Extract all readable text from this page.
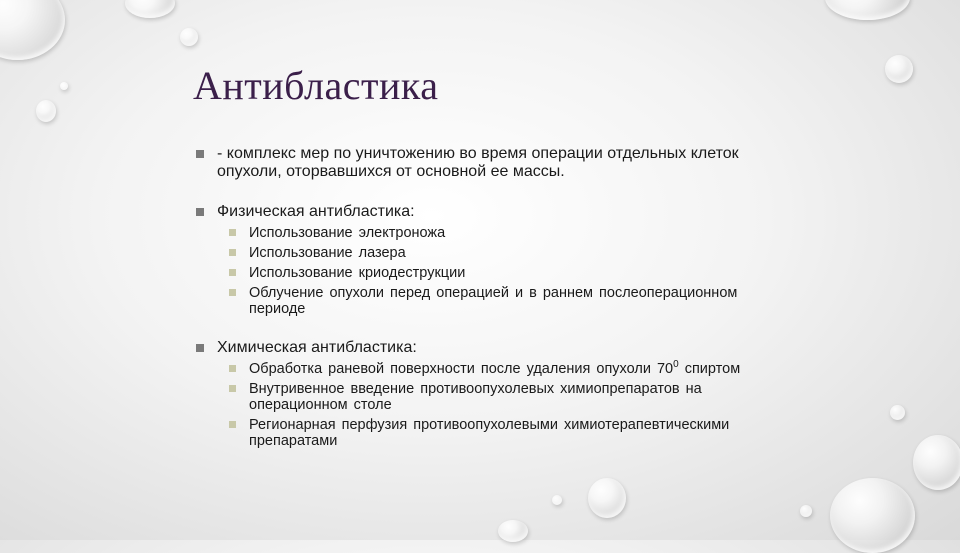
Антибластика
- комплекс мер по уничтожению во время операции отдельных клеток опухоли, оторвавшихся от основной ее массы.
Физическая антибластика:
Использование электроножа
Использование лазера
Использование криодеструкции
Облучение опухоли перед операцией и в раннем послеоперационном периоде
Химическая антибластика:
Обработка раневой поверхности после удаления опухоли $70^0$ спиртом
Внутривенное введение противоопухолевых химиопрепаратов на операционном столе
Регионарная перфузия противоопухолевыми химиотерапевтическими препаратами
